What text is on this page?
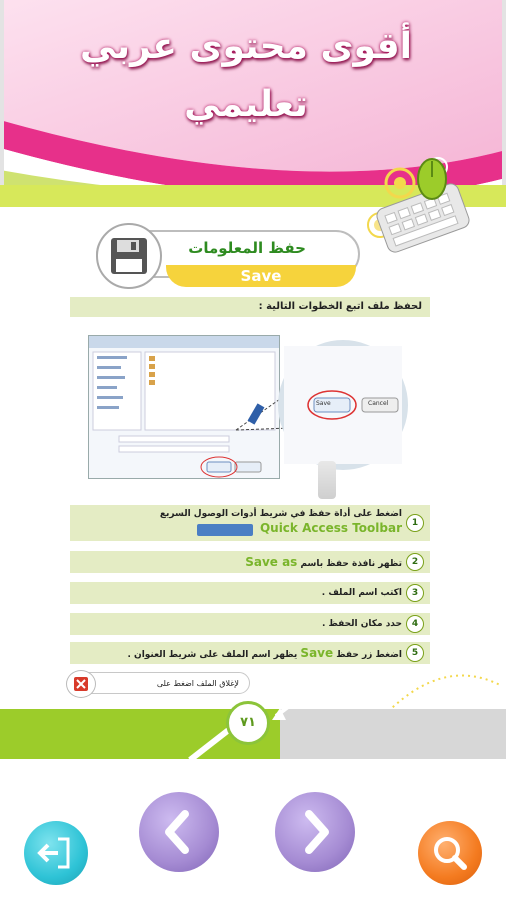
أقوى محتوى عربي
تعليمي
حفظ المعلومات
Save
لحفظ ملف اتبع الخطوات التالية :
Save	Cancel
1
اضغط على أداة حفظ في شريط أدوات الوصول السريع
Quick Access Toolbar
2
تظهر نافذة حفظ باسم Save as
3
اكتب اسم الملف .
4
حدد مكان الحفظ .
5
اضغط زر حفظ Save يظهر اسم الملف على شريط العنوان .
لإغلاق الملف اضغط على
٧١
